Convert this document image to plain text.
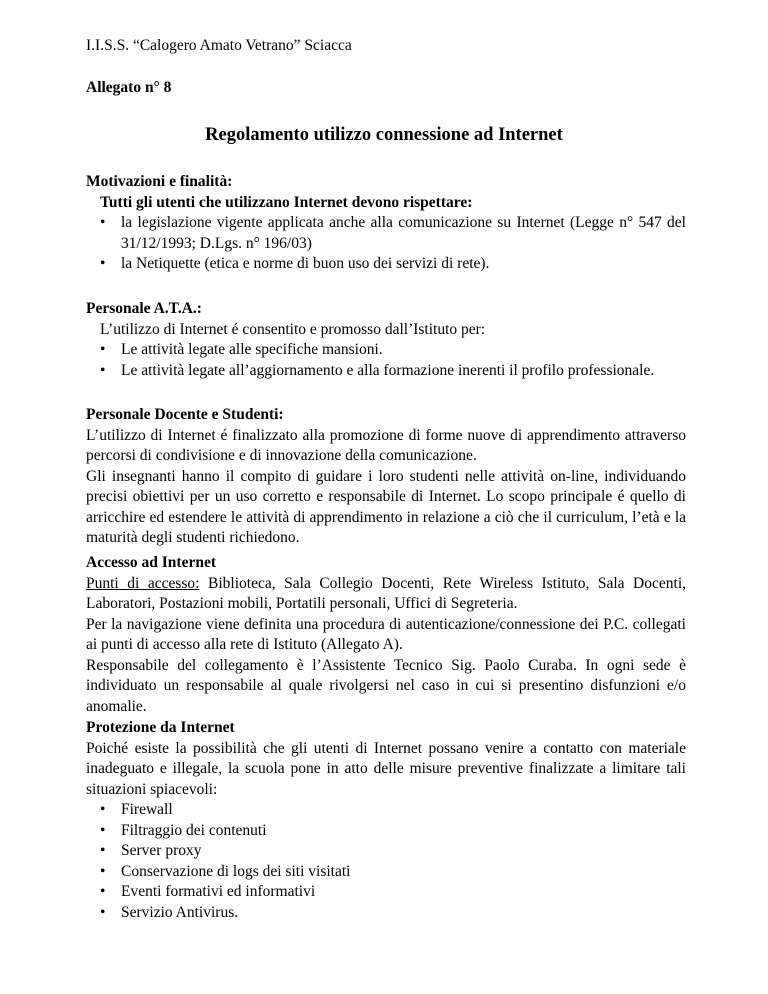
I.I.S.S. “Calogero Amato Vetrano” Sciacca
Allegato n° 8
Regolamento utilizzo connessione ad Internet

Motivazioni e finalità:

Tutti gli utenti che utilizzano Internet devono rispettare:

• la legislazione vigente applicata anche alla comunicazione su Internet (Legge n° 547 del 31/12/1993; D.Lgs. n° 196/03)
• la Netiquette (etica e norme di buon uso dei servizi di rete).

Personale A.T.A.:

L’utilizzo di Internet é consentito e promosso dall’Istituto per:

• Le attività legate alle specifiche mansioni.
• Le attività legate all’aggiornamento e alla formazione inerenti il profilo professionale.

Personale Docente e Studenti:

L’utilizzo di Internet é finalizzato alla promozione di forme nuove di apprendimento attraverso percorsi di condivisione e di innovazione della comunicazione.

Gli insegnanti hanno il compito di guidare i loro studenti nelle attività on-line, individuando precisi obiettivi per un uso corretto e responsabile di Internet. Lo scopo principale é quello di arricchire ed estendere le attività di apprendimento in relazione a ciò che il curriculum, l’età e la maturità degli studenti richiedono.

Accesso ad Internet

Punti di accesso: Biblioteca, Sala Collegio Docenti, Rete Wireless Istituto, Sala Docenti, Laboratori, Postazioni mobili, Portatili personali, Uffici di Segreteria.

Per la navigazione viene definita una procedura di autenticazione/connessione dei P.C. collegati ai punti di accesso alla rete di Istituto (Allegato A).

Responsabile del collegamento è l’Assistente Tecnico Sig. Paolo Curaba. In ogni sede è individuato un responsabile al quale rivolgersi nel caso in cui si presentino disfunzioni e/o anomalie.

Protezione da Internet

Poiché esiste la possibilità che gli utenti di Internet possano venire a contatto con materiale inadeguato e illegale, la scuola pone in atto delle misure preventive finalizzate a limitare tali situazioni spiacevoli:

• Firewall
• Filtraggio dei contenuti
• Server proxy
• Conservazione di logs dei siti visitati
• Eventi formativi ed informativi
• Servizio Antivirus.
